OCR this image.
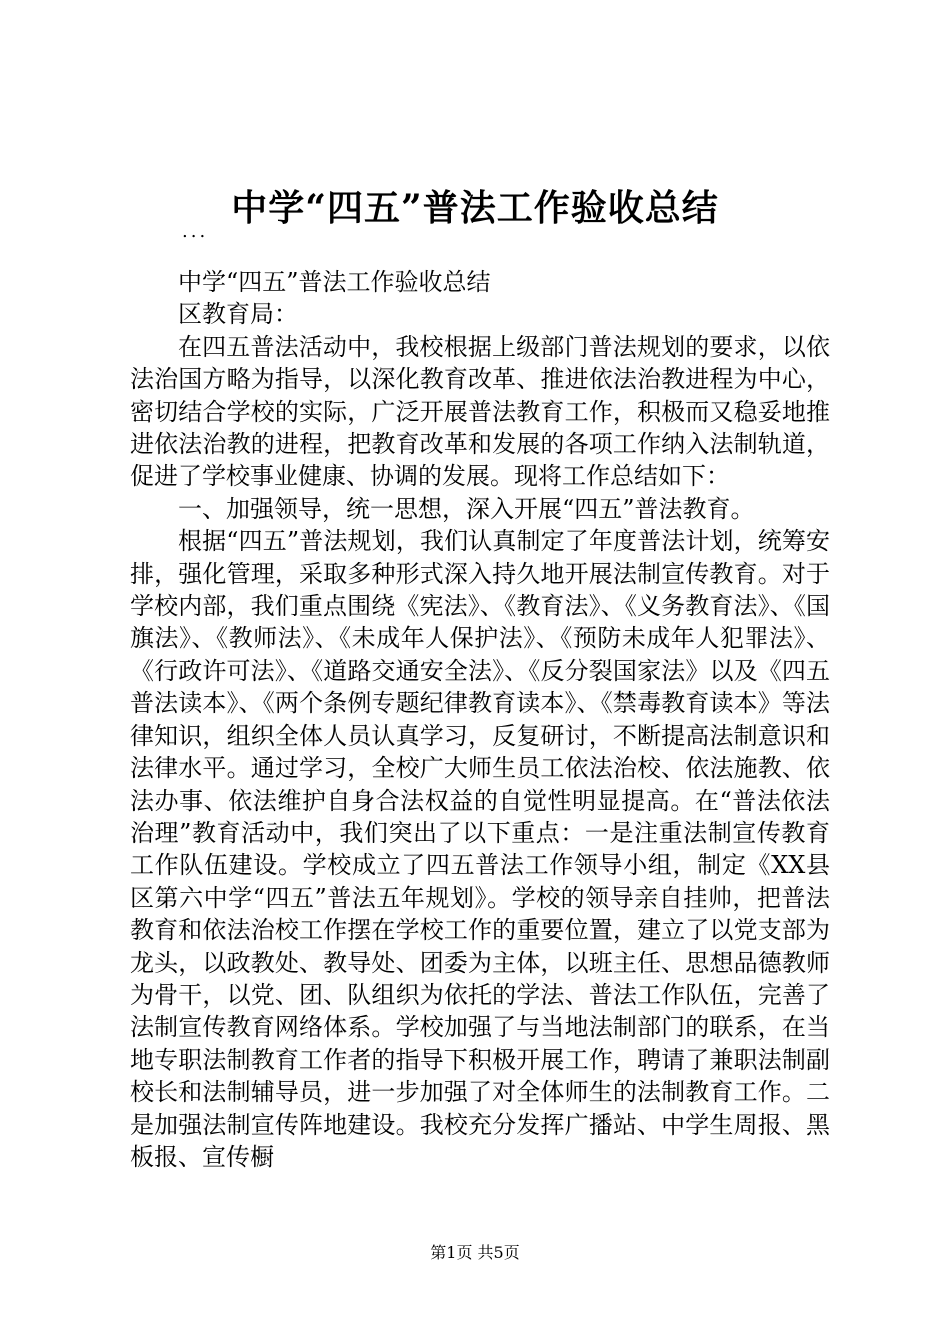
中学“四五”普法工作验收总结
...

中学“四五”普法工作验收总结

区教育局：

在四五普法活动中，我校根据上级部门普法规划的要求，以依法治国方略为指导，以深化教育改革、推进依法治教进程为中心，密切结合学校的实际，广泛开展普法教育工作，积极而又稳妥地推进依法治教的进程，把教育改革和发展的各项工作纳入法制轨道，促进了学校事业健康、协调的发展。现将工作总结如下：

一、加强领导，统一思想，深入开展“四五”普法教育。

根据“四五”普法规划，我们认真制定了年度普法计划，统筹安排，强化管理，采取多种形式深入持久地开展法制宣传教育。对于学校内部，我们重点围绕《宪法》、《教育法》、《义务教育法》、《国旗法》、《教师法》、《未成年人保护法》、《预防未成年人犯罪法》、《行政许可法》、《道路交通安全法》、《反分裂国家法》以及《四五普法读本》、《两个条例专题纪律教育读本》、《禁毒教育读本》等法律知识，组织全体人员认真学习，反复研讨，不断提高法制意识和法律水平。通过学习，全校广大师生员工依法治校、依法施教、依法办事、依法维护自身合法权益的自觉性明显提高。在“普法依法治理”教育活动中，我们突出了以下重点：一是注重法制宣传教育工作队伍建设。学校成立了四五普法工作领导小组，制定《XX县区第六中学“四五”普法五年规划》。学校的领导亲自挂帅，把普法教育和依法治校工作摆在学校工作的重要位置，建立了以党支部为龙头，以政教处、教导处、团委为主体，以班主任、思想品德教师为骨干，以党、团、队组织为依托的学法、普法工作队伍，完善了法制宣传教育网络体系。学校加强了与当地法制部门的联系，在当地专职法制教育工作者的指导下积极开展工作，聘请了兼职法制副校长和法制辅导员，进一步加强了对全体师生的法制教育工作。二是加强法制宣传阵地建设。我校充分发挥广播站、中学生周报、黑板报、宣传橱

第1页 共5页
